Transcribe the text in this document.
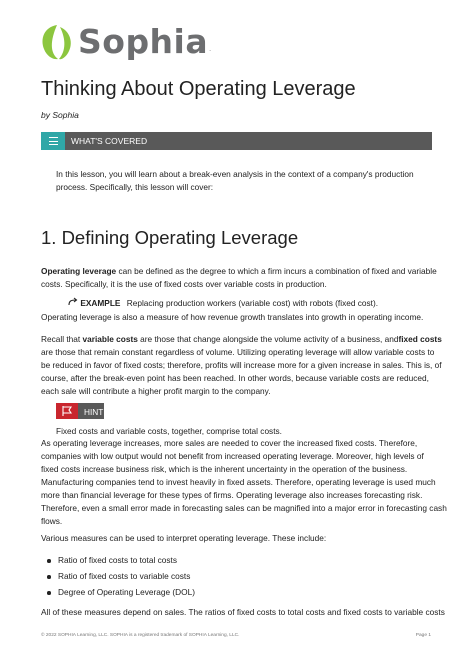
Sophia .
Thinking About Operating Leverage
by Sophia
WHAT'S COVERED
In this lesson, you will learn about a break-even analysis in the context of a company's production
process. Specifically, this lesson will cover:
1. Defining Operating Leverage
Operating leverage can be defined as the degree to which a firm incurs a combination of fixed and variable
costs. Specifically, it is the use of fixed costs over variable costs in production.
EXAMPLE Replacing production workers (variable cost) with robots (fixed cost).
Operating leverage is also a measure of how revenue growth translates into growth in operating income.
Recall that variable costs are those that change alongside the volume activity of a business, andfixed costs
are those that remain constant regardless of volume. Utilizing operating leverage will allow variable costs to
be reduced in favor of fixed costs; therefore, profits will increase more for a given increase in sales. This is, of
course, after the break-even point has been reached. In other words, because variable costs are reduced,
each sale will contribute a higher profit margin to the company.
HINT
Fixed costs and variable costs, together, comprise total costs.
As operating leverage increases, more sales are needed to cover the increased fixed costs. Therefore,
companies with low output would not benefit from increased operating leverage. Moreover, high levels of
fixed costs increase business risk, which is the inherent uncertainty in the operation of the business.
Manufacturing companies tend to invest heavily in fixed assets. Therefore, operating leverage is used much
more than financial leverage for these types of firms. Operating leverage also increases forecasting risk.
Therefore, even a small error made in forecasting sales can be magnified into a major error in forecasting cash
flows.
Various measures can be used to interpret operating leverage. These include:
Ratio of fixed costs to total costs
Ratio of fixed costs to variable costs
Degree of Operating Leverage (DOL)
All of these measures depend on sales. The ratios of fixed costs to total costs and fixed costs to variable costs
© 2022 SOPHIA Learning, LLC. SOPHIA is a registered trademark of SOPHIA Learning, LLC.	Page 1
